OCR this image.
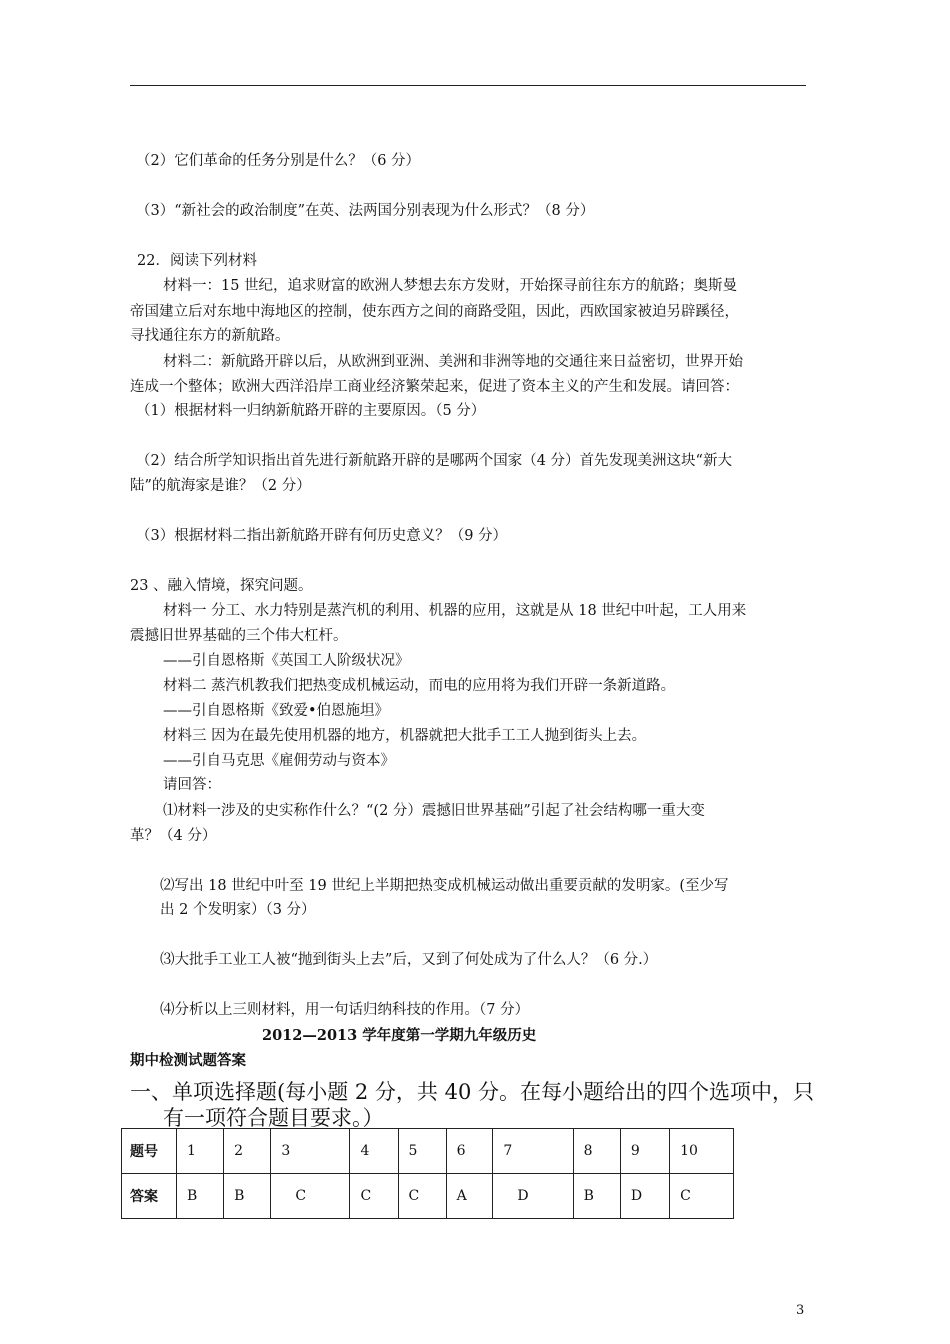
（2）它们革命的任务分别是什么？（6 分）
（3）“新社会的政治制度”在英、法两国分别表现为什么形式？（8 分）
22．阅读下列材料
材料一：15 世纪，追求财富的欧洲人梦想去东方发财，开始探寻前往东方的航路；奥斯曼
帝国建立后对东地中海地区的控制，使东西方之间的商路受阻，因此，西欧国家被迫另辟蹊径，
寻找通往东方的新航路。
材料二：新航路开辟以后，从欧洲到亚洲、美洲和非洲等地的交通往来日益密切，世界开始
连成一个整体；欧洲大西洋沿岸工商业经济繁荣起来，促进了资本主义的产生和发展。请回答：
（1）根据材料一归纳新航路开辟的主要原因。（5 分）
（2）结合所学知识指出首先进行新航路开辟的是哪两个国家（4 分）首先发现美洲这块“新大
陆”的航海家是谁？（2 分）
（3）根据材料二指出新航路开辟有何历史意义？（9 分）
23 、融入情境，探究问题。
材料一 分工、水力特别是蒸汽机的利用、机器的应用，这就是从 18 世纪中叶起，工人用来
震撼旧世界基础的三个伟大杠杆。
——引自恩格斯《英国工人阶级状况》
材料二 蒸汽机教我们把热变成机械运动，而电的应用将为我们开辟一条新道路。
——引自恩格斯《致爱•伯恩施坦》
材料三 因为在最先使用机器的地方，机器就把大批手工工人抛到街头上去。
——引自马克思《雇佣劳动与资本》
请回答：
⑴材料一涉及的史实称作什么？“(2 分）震撼旧世界基础”引起了社会结构哪一重大变
革？（4 分）
⑵写出 18 世纪中叶至 19 世纪上半期把热变成机械运动做出重要贡献的发明家。(至少写
出 2 个发明家）（3 分）
⑶大批手工业工人被“抛到街头上去”后，又到了何处成为了什么人？（6 分.）
⑷分析以上三则材料，用一句话归纳科技的作用。（7 分）
2012—2013 学年度第一学期九年级历史
期中检测试题答案
一、单项选择题(每小题 2 分，共 40 分。在每小题给出的四个选项中，只
有一项符合题目要求。）
题号	1	2	3	4	5	6	7	8	9	10
答案	B	B	C	C	C	A	D	B	D	C
3
